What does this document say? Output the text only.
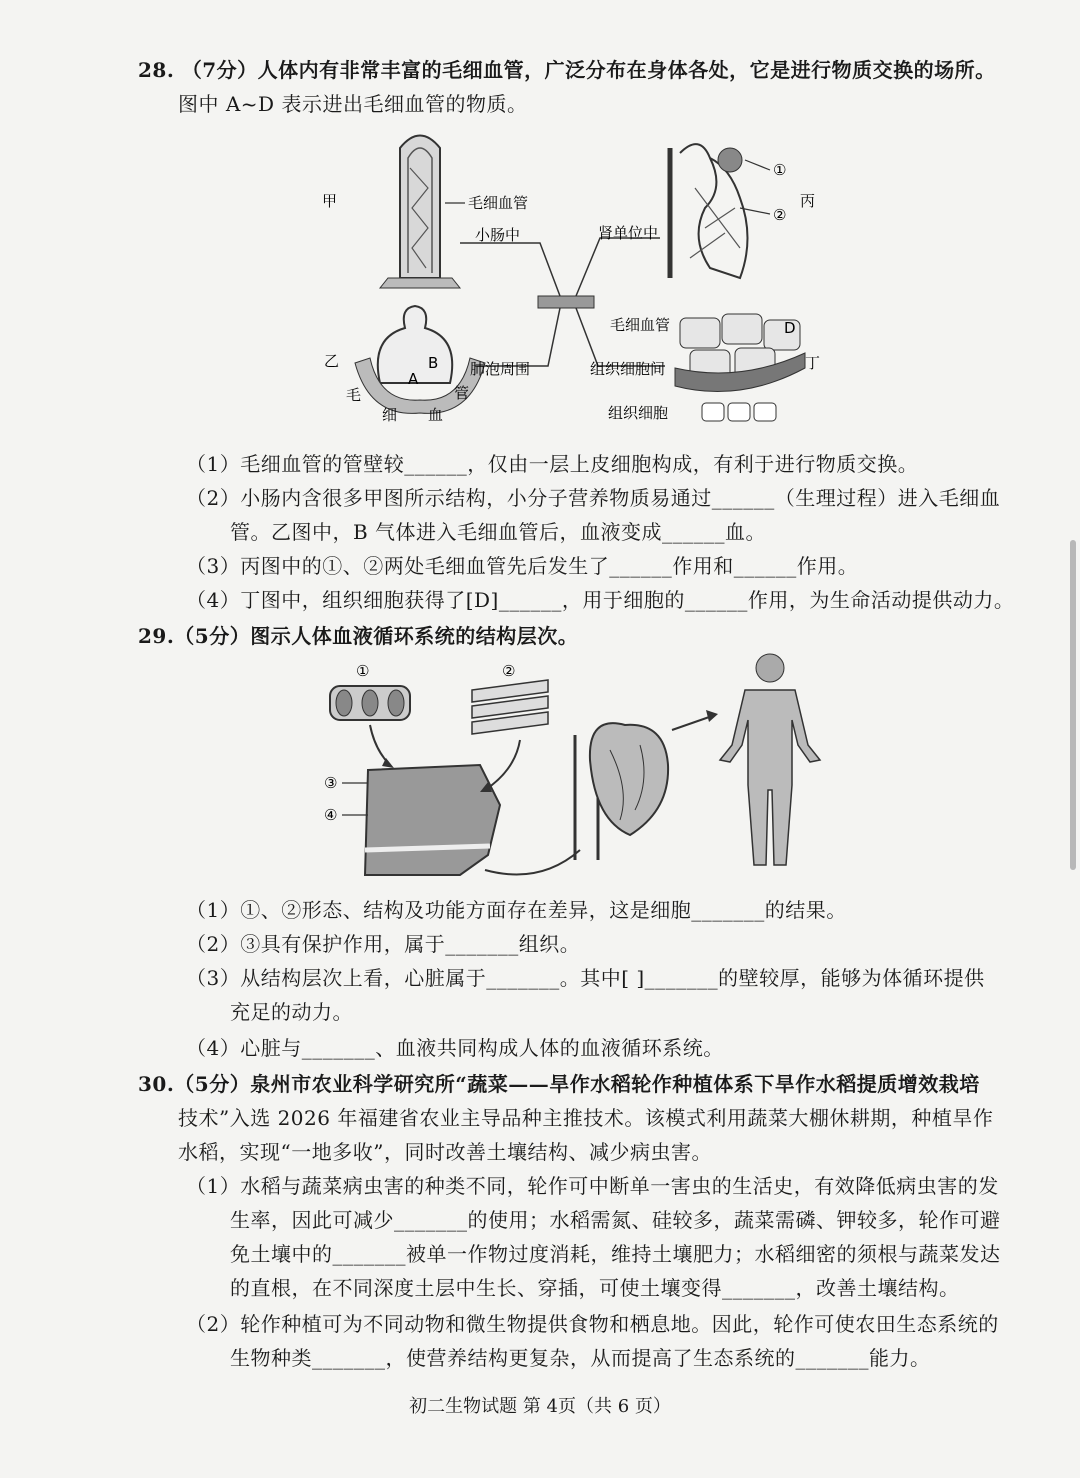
28. （7分）人体内有非常丰富的毛细血管，广泛分布在身体各处，它是进行物质交换的场所。
图中 A~D 表示进出毛细血管的物质。
甲	毛细血管
小肠中	肾单位中
①
②
丙
毛细血管	D
乙	B
A
肺泡周围	组织细胞间	丁
组织细胞
毛
细 血
管
（1）毛细血管的管壁较______，仅由一层上皮细胞构成，有利于进行物质交换。
（2）小肠内含很多甲图所示结构，小分子营养物质易通过______（生理过程）进入毛细血
管。乙图中，B 气体进入毛细血管后，血液变成______血。
（3）丙图中的①、②两处毛细血管先后发生了______作用和______作用。
（4）丁图中，组织细胞获得了[D]______，用于细胞的______作用，为生命活动提供动力。
29.（5分）图示人体血液循环系统的结构层次。
①	②
③
④
（1）①、②形态、结构及功能方面存在差异，这是细胞_______的结果。
（2）③具有保护作用，属于_______组织。
（3）从结构层次上看，心脏属于_______。其中[ ]_______的壁较厚，能够为体循环提供
充足的动力。
（4）心脏与_______、血液共同构成人体的血液循环系统。
30.（5分）泉州市农业科学研究所“蔬菜——旱作水稻轮作种植体系下旱作水稻提质增效栽培
技术”入选 2026 年福建省农业主导品种主推技术。该模式利用蔬菜大棚休耕期，种植旱作
水稻，实现“一地多收”，同时改善土壤结构、减少病虫害。
（1）水稻与蔬菜病虫害的种类不同，轮作可中断单一害虫的生活史，有效降低病虫害的发
生率，因此可减少_______的使用；水稻需氮、硅较多，蔬菜需磷、钾较多，轮作可避
免土壤中的_______被单一作物过度消耗，维持土壤肥力；水稻细密的须根与蔬菜发达
的直根，在不同深度土层中生长、穿插，可使土壤变得_______，改善土壤结构。
（2）轮作种植可为不同动物和微生物提供食物和栖息地。因此，轮作可使农田生态系统的
生物种类_______，使营养结构更复杂，从而提高了生态系统的_______能力。
初二生物试题 第 4页（共 6 页）
